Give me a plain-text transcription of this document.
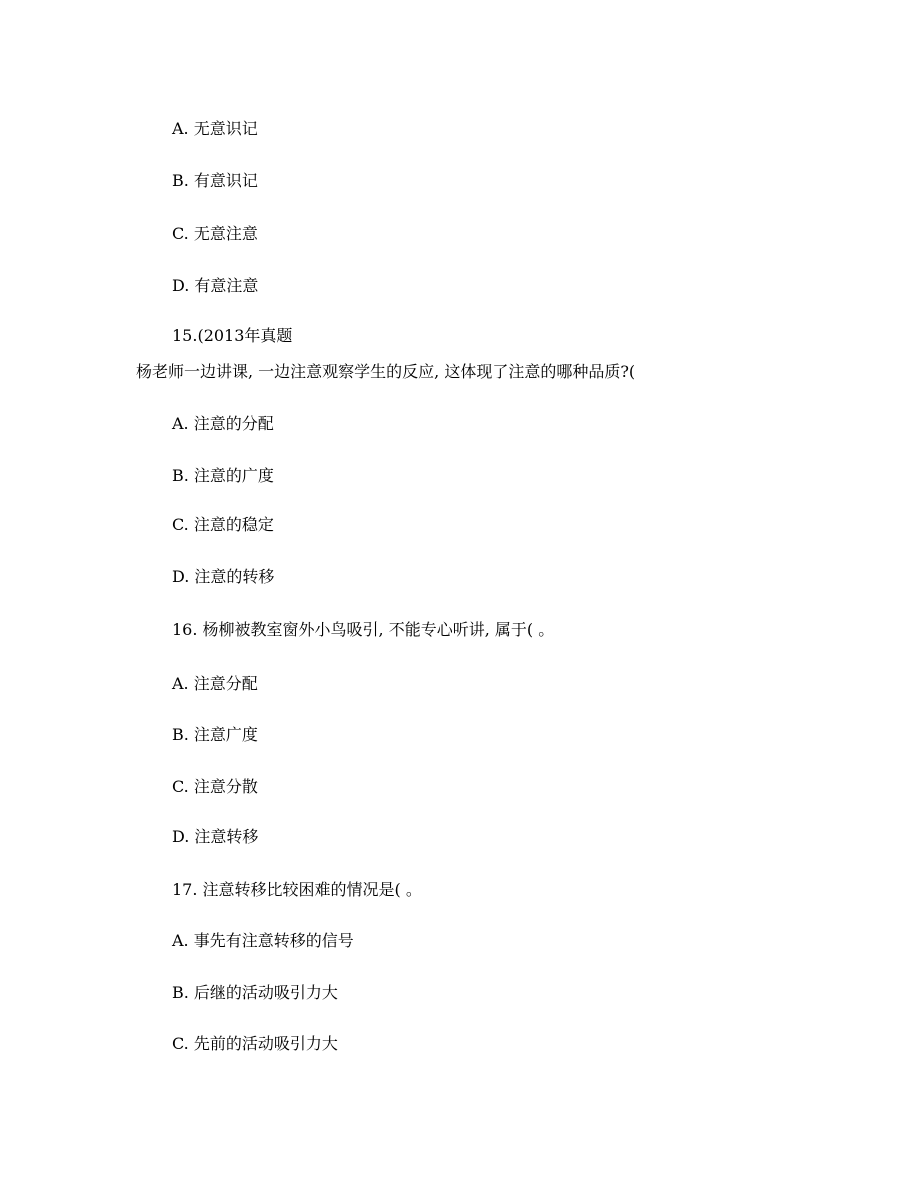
A. 无意识记
B. 有意识记
C. 无意注意
D. 有意注意
15.(2013年真题
杨老师一边讲课, 一边注意观察学生的反应, 这体现了注意的哪种品质?(
A. 注意的分配
B. 注意的广度
C. 注意的稳定
D. 注意的转移
16. 杨柳被教室窗外小鸟吸引, 不能专心听讲, 属于( 。
A. 注意分配
B. 注意广度
C. 注意分散
D. 注意转移
17. 注意转移比较困难的情况是( 。
A. 事先有注意转移的信号
B. 后继的活动吸引力大
C. 先前的活动吸引力大
